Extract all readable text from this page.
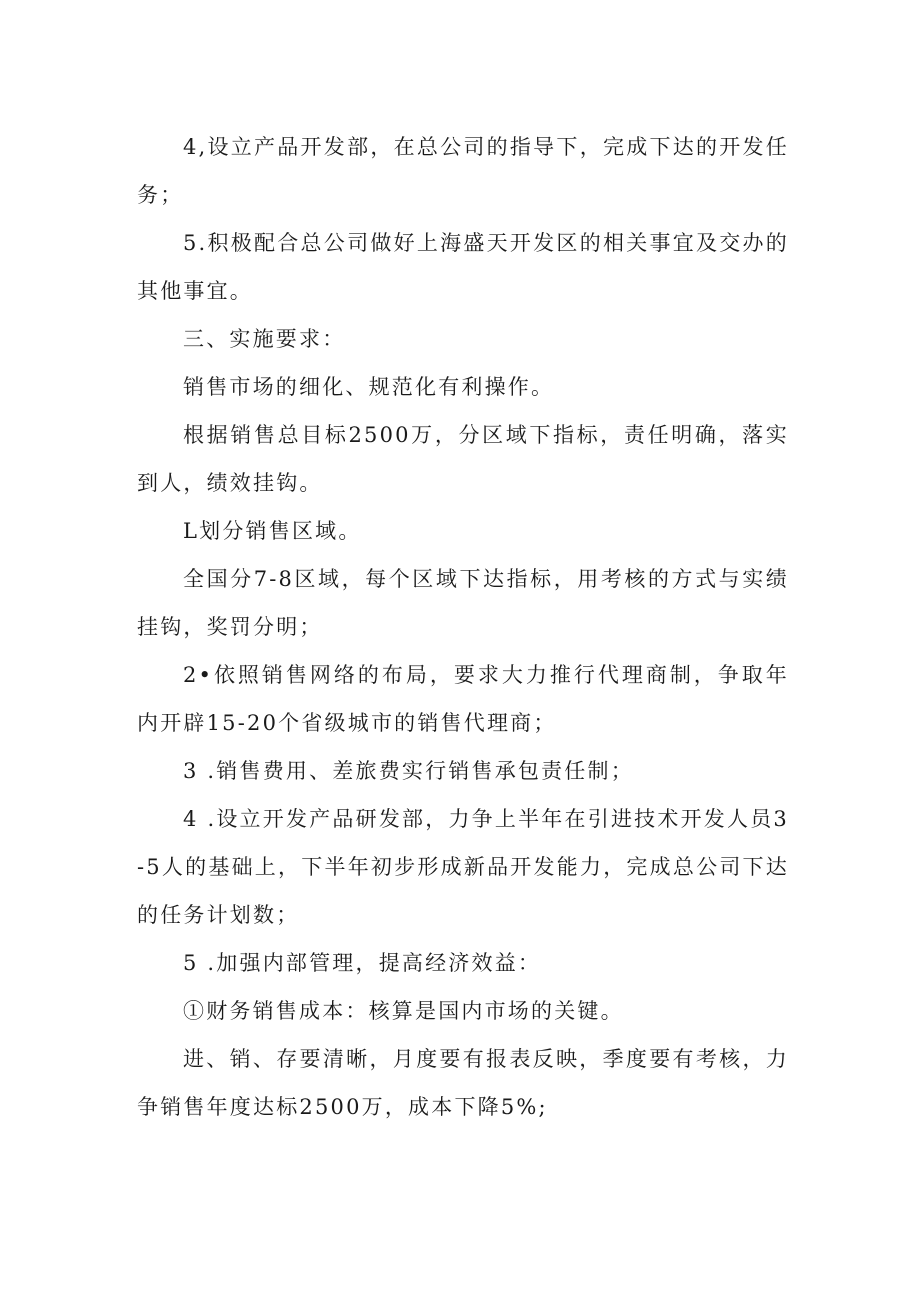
4,设立产品开发部，在总公司的指导下，完成下达的开发任务；

5.积极配合总公司做好上海盛天开发区的相关事宜及交办的其他事宜。

三、实施要求：

销售市场的细化、规范化有利操作。

根据销售总目标2500万，分区域下指标，责任明确，落实到人，绩效挂钩。

L划分销售区域。

全国分7-8区域，每个区域下达指标，用考核的方式与实绩挂钩，奖罚分明；

2•依照销售网络的布局，要求大力推行代理商制，争取年内开辟15-20个省级城市的销售代理商；

3 .销售费用、差旅费实行销售承包责任制；

4 .设立开发产品研发部，力争上半年在引进技术开发人员3-5人的基础上，下半年初步形成新品开发能力，完成总公司下达的任务计划数；

5 .加强内部管理，提高经济效益：

①财务销售成本：核算是国内市场的关键。

进、销、存要清晰，月度要有报表反映，季度要有考核，力争销售年度达标2500万，成本下降5%;
